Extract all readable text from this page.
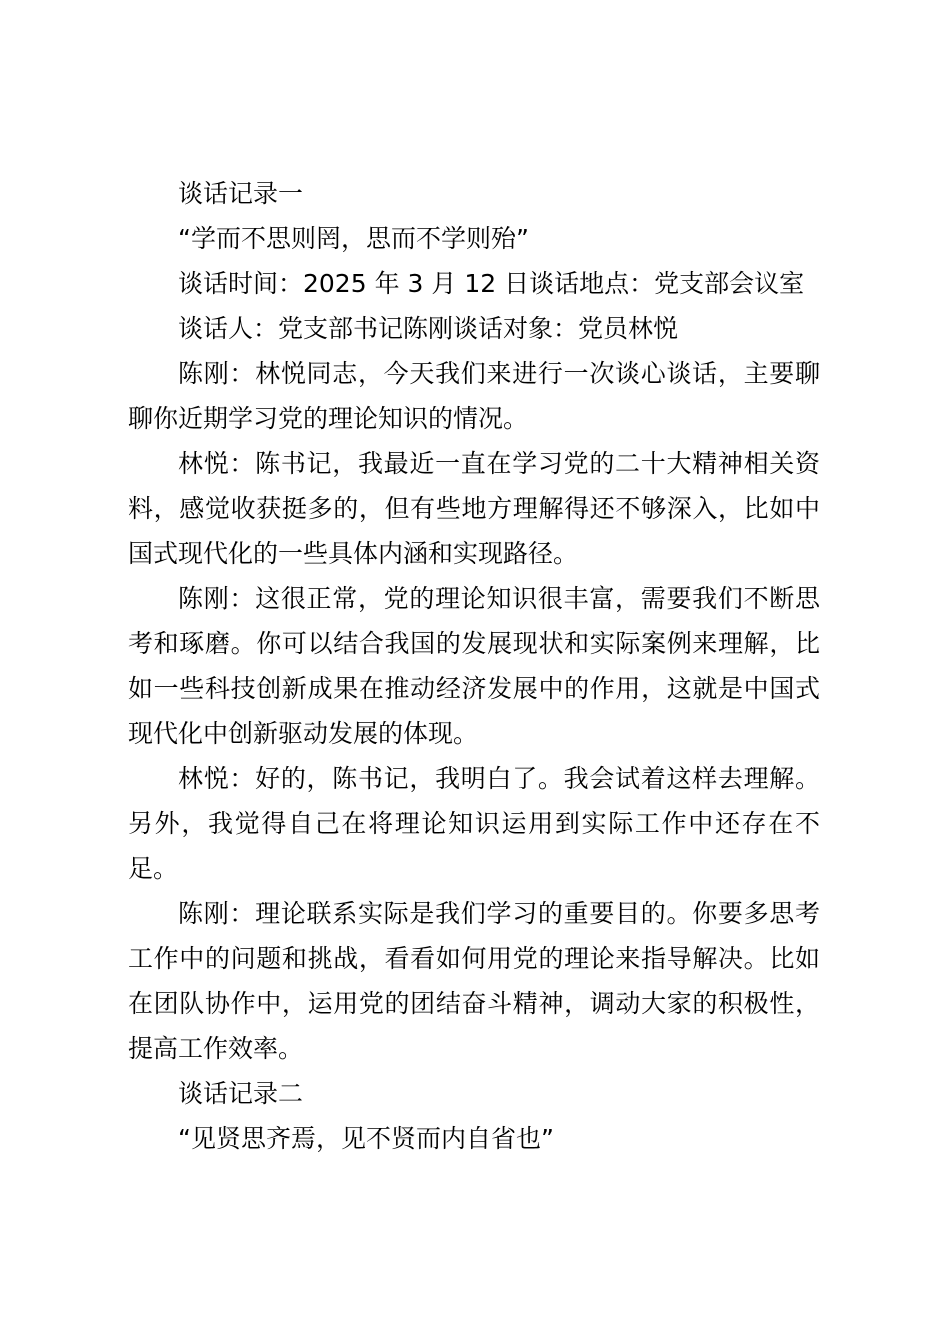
谈话记录一

“学而不思则罔，思而不学则殆”

谈话时间：2025 年 3 月 12 日谈话地点：党支部会议室

谈话人：党支部书记陈刚谈话对象：党员林悦

陈刚：林悦同志，今天我们来进行一次谈心谈话，主要聊聊你近期学习党的理论知识的情况。

林悦：陈书记，我最近一直在学习党的二十大精神相关资料，感觉收获挺多的，但有些地方理解得还不够深入，比如中国式现代化的一些具体内涵和实现路径。

陈刚：这很正常，党的理论知识很丰富，需要我们不断思考和琢磨。你可以结合我国的发展现状和实际案例来理解，比如一些科技创新成果在推动经济发展中的作用，这就是中国式现代化中创新驱动发展的体现。

林悦：好的，陈书记，我明白了。我会试着这样去理解。另外，我觉得自己在将理论知识运用到实际工作中还存在不足。

陈刚：理论联系实际是我们学习的重要目的。你要多思考工作中的问题和挑战，看看如何用党的理论来指导解决。比如在团队协作中，运用党的团结奋斗精神，调动大家的积极性，提高工作效率。

谈话记录二

“见贤思齐焉，见不贤而内自省也”
